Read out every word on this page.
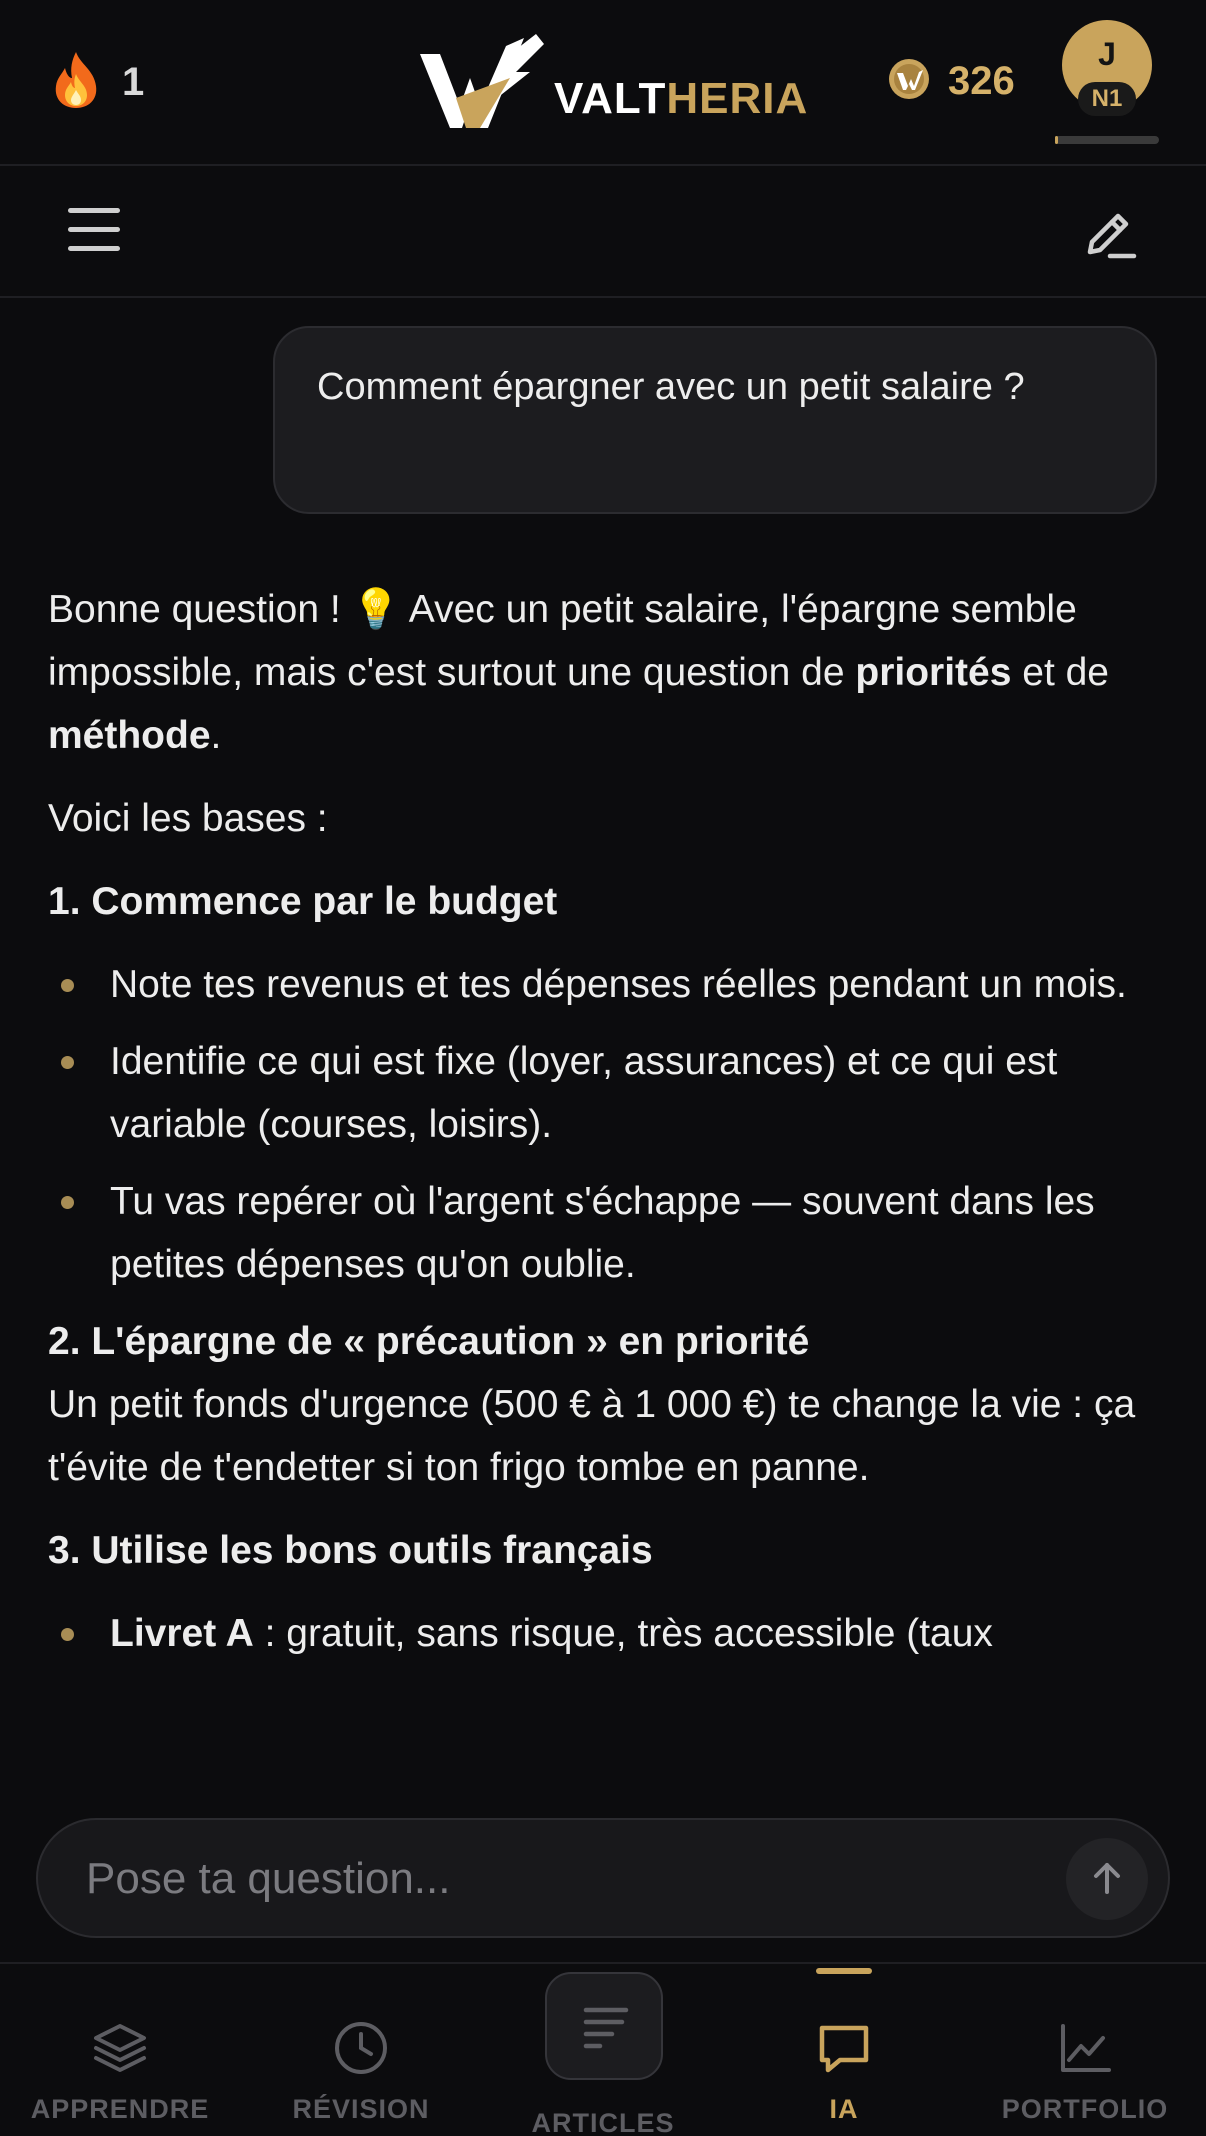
1	VALTHERIA	326
J
N1
Comment épargner avec un petit salaire ?

Bonne question ! 💡 Avec un petit salaire, l'épargne semble impossible, mais c'est surtout une question de priorités et de méthode.

Voici les bases :

1. Commence par le budget
Note tes revenus et tes dépenses réelles pendant un mois.
Identifie ce qui est fixe (loyer, assurances) et ce qui est variable (courses, loisirs).
Tu vas repérer où l'argent s'échappe — souvent dans les petites dépenses qu'on oublie.
2. L'épargne de « précaution » en priorité

Un petit fonds d'urgence (500 € à 1 000 €) te change la vie : ça t'évite de t'endetter si ton frigo tombe en panne.

3. Utilise les bons outils français
Livret A : gratuit, sans risque, très accessible (taux
Pose ta question...
APPRENDRE	RÉVISION	ARTICLES	IA	PORTFOLIO
